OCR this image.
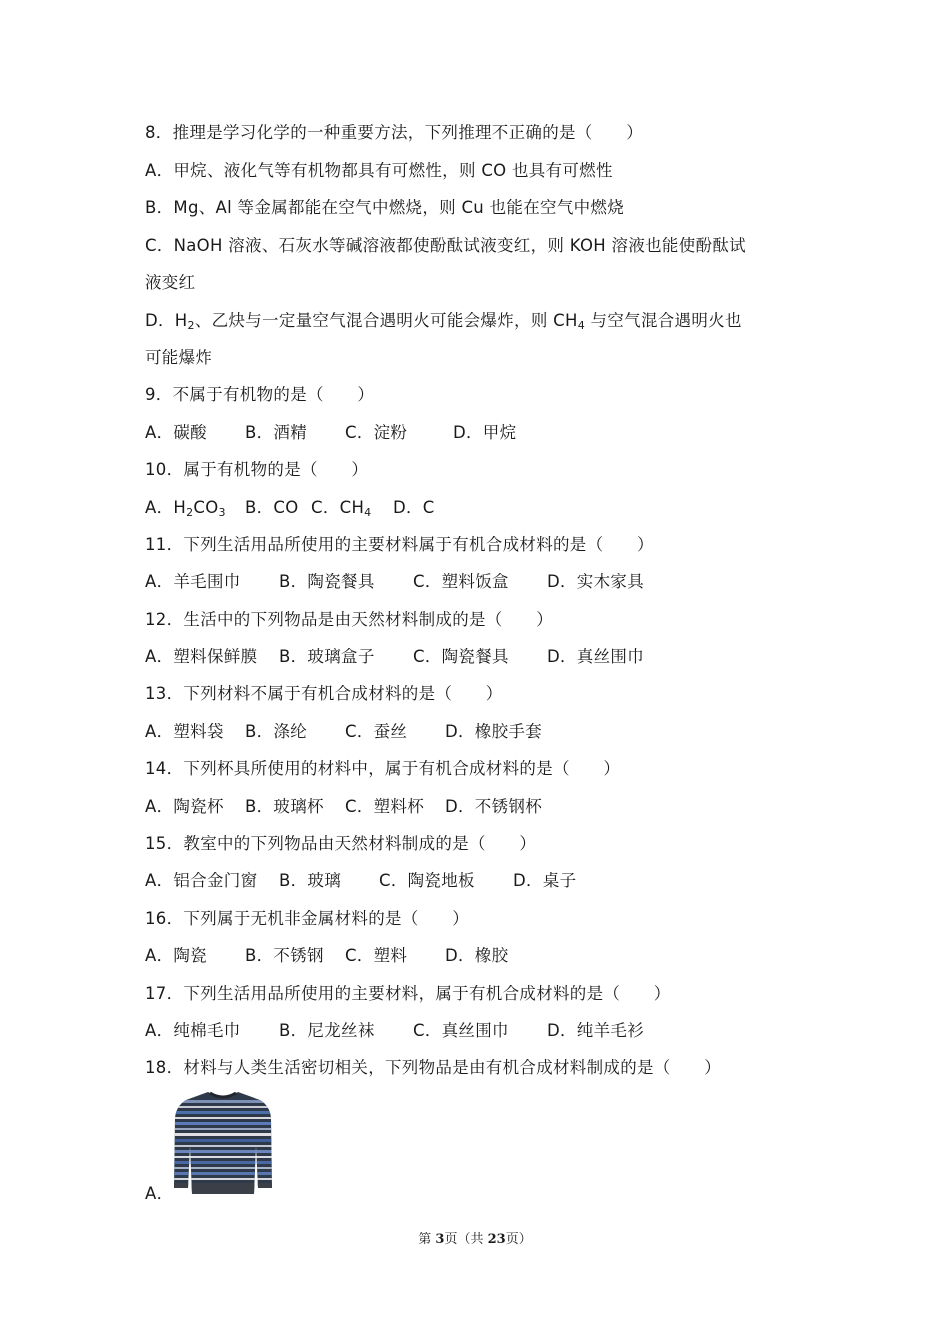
8．推理是学习化学的一种重要方法，下列推理不正确的是（　　）
A．甲烷、液化气等有机物都具有可燃性，则 CO 也具有可燃性
B．Mg、Al 等金属都能在空气中燃烧，则 Cu 也能在空气中燃烧
C．NaOH 溶液、石灰水等碱溶液都使酚酞试液变红，则 KOH 溶液也能使酚酞试
液变红
D．$H_2$、乙炔与一定量空气混合遇明火可能会爆炸，则 $CH_4$ 与空气混合遇明火也
可能爆炸
9．不属于有机物的是（　　）
A．碳酸 B．酒精 C．淀粉	D．甲烷
10．属于有机物的是（　　）
A．$H_2CO_3$ B．CO C．$CH_4$ D．C
11．下列生活用品所使用的主要材料属于有机合成材料的是（　　）
A．羊毛围巾 B．陶瓷餐具 C．塑料饭盒 D．实木家具
12．生活中的下列物品是由天然材料制成的是（　　）
A．塑料保鲜膜 B．玻璃盒子 C．陶瓷餐具 D．真丝围巾
13．下列材料不属于有机合成材料的是（　　）
A．塑料袋 B．涤纶 C．蚕丝 D．橡胶手套
14．下列杯具所使用的材料中，属于有机合成材料的是（　　）
A．陶瓷杯 B．玻璃杯 C．塑料杯 D．不锈钢杯
15．教室中的下列物品由天然材料制成的是（　　）
A．铝合金门窗 B．玻璃 C．陶瓷地板 D．桌子
16．下列属于无机非金属材料的是（　　）
A．陶瓷 B．不锈钢 C．塑料 D．橡胶
17．下列生活用品所使用的主要材料，属于有机合成材料的是（　　）
A．纯棉毛巾 B．尼龙丝袜 C．真丝围巾 D．纯羊毛衫
18．材料与人类生活密切相关，下列物品是由有机合成材料制成的是（　　）
A．
第 3页（共 23页）
